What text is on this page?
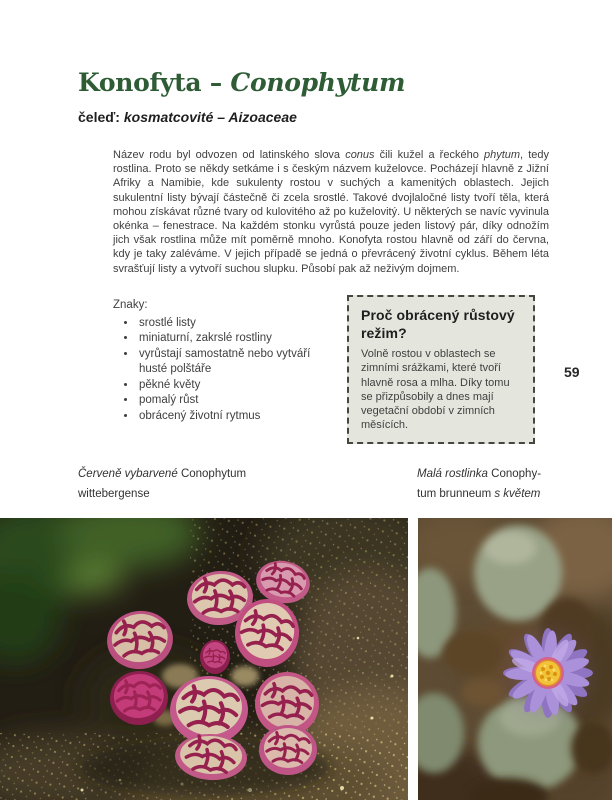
Konofyta – Conophytum
čeleď: kosmatcovité – Aizoaceae

Název rodu byl odvozen od latinského slova conus čili kužel a řeckého phytum, tedy rostlina. Proto se někdy setkáme i s českým názvem kuželovce. Pocházejí hlavně z Jižní Afriky a Namibie, kde sukulenty rostou v suchých a kamenitých oblastech. Jejich sukulentní listy bývají částečně či zcela srostlé. Takové dvojlaločné listy tvoří těla, která mohou získávat různé tvary od kulovitého až po kuželovitý. U některých se navíc vyvinula okénka – fenestrace. Na každém stonku vyrůstá pouze jeden listový pár, díky odnožím jich však rostlina může mít poměrně mnoho. Konofyta rostou hlavně od září do června, kdy je taky zaléváme. V jejich případě se jedná o převrácený životní cyklus. Během léta svrašťují listy a vytvoří suchou slupku. Působí pak až neživým dojmem.

Znaky:
• srostlé listy
• miniaturní, zakrslé rostliny
• vyrůstají samostatně nebo vytváří husté polštáře
• pěkné květy
• pomalý růst
• obrácený životní rytmus
Proč obrácený růstový režim?

Volně rostou v oblastech se zimními srážkami, které tvoří hlavně rosa a mlha. Díky tomu se přizpůsobily a dnes mají vegetační období v zimních měsících.

59
Červeně vybarvené Conophytum
wittebergense
Malá rostlinka Conophy-
tum brunneum s květem
